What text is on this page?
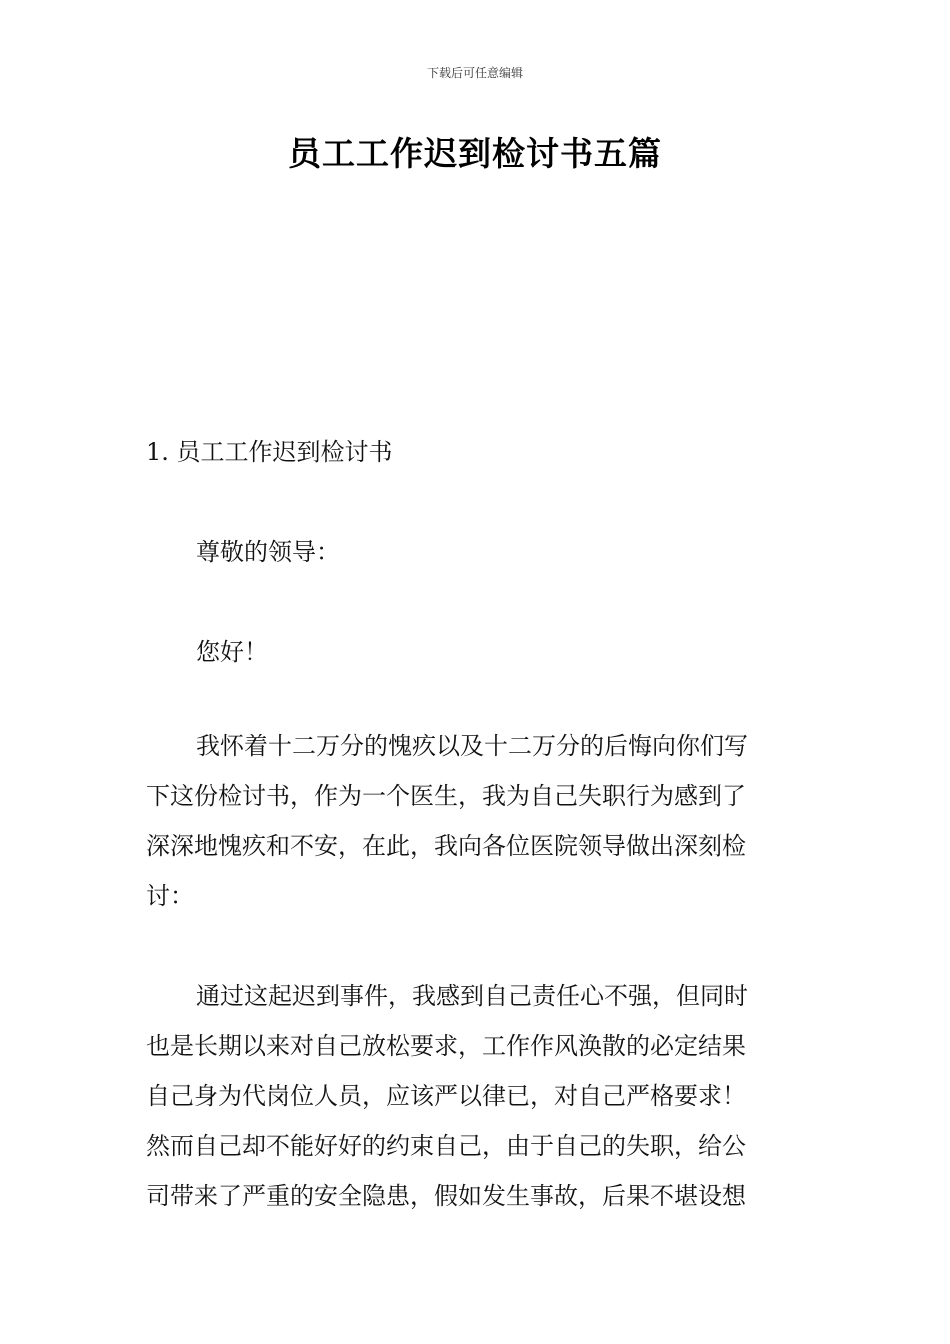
下载后可任意编辑
员工工作迟到检讨书五篇
1. 员工工作迟到检讨书
尊敬的领导：
您好！
我怀着十二万分的愧疚以及十二万分的后悔向你们写
下这份检讨书，作为一个医生，我为自己失职行为感到了
深深地愧疚和不安，在此，我向各位医院领导做出深刻检
讨：
通过这起迟到事件，我感到自己责任心不强，但同时
也是长期以来对自己放松要求，工作作风涣散的必定结果
自己身为代岗位人员，应该严以律已，对自己严格要求！
然而自己却不能好好的约束自己，由于自己的失职，给公
司带来了严重的安全隐患，假如发生事故，后果不堪设想
